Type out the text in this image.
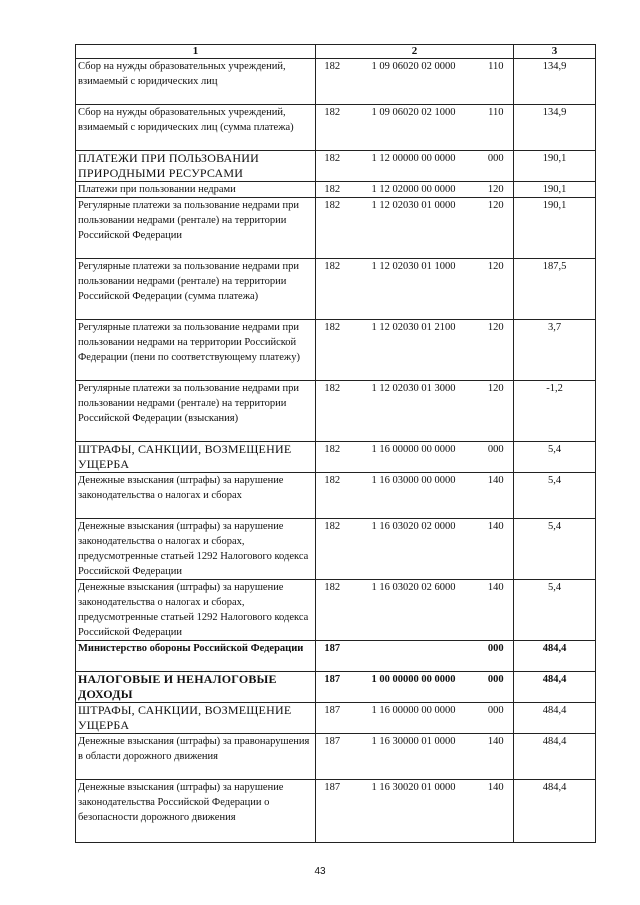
1	2			3
Сбор на нужды образовательных учреждений, взимаемый с юридических лиц	182	1 09 06020 02 0000	110	134,9
Сбор на нужды образовательных учреждений, взимаемый с юридических лиц (сумма платежа)	182	1 09 06020 02 1000	110	134,9
ПЛАТЕЖИ ПРИ ПОЛЬЗОВАНИИ ПРИРОДНЫМИ РЕСУРСАМИ	182	1 12 00000 00 0000	000	190,1
Платежи при пользовании недрами	182	1 12 02000 00 0000	120	190,1
Регулярные платежи за пользование недрами при пользовании недрами (рентале) на территории Российской Федерации	182	1 12 02030 01 0000	120	190,1
Регулярные платежи за пользование недрами при пользовании недрами (рентале) на территории Российской Федерации (сумма платежа)	182	1 12 02030 01 1000	120	187,5
Регулярные платежи за пользование недрами при пользовании недрами на территории Российской Федерации (пени по соответствующему платежу)	182	1 12 02030 01 2100	120	3,7
Регулярные платежи за пользование недрами при пользовании недрами (рентале) на территории Российской Федерации (взыскания)	182	1 12 02030 01 3000	120	-1,2
ШТРАФЫ, САНКЦИИ, ВОЗМЕЩЕНИЕ УЩЕРБА	182	1 16 00000 00 0000	000	5,4
Денежные взыскания (штрафы) за нарушение законодательства о налогах и сборах	182	1 16 03000 00 0000	140	5,4
Денежные взыскания (штрафы) за нарушение законодательства о налогах и сборах, предусмотренные статьей 1292 Налогового кодекса Российской Федерации	182	1 16 03020 02 0000	140	5,4
Денежные взыскания (штрафы) за нарушение законодательства о налогах и сборах, предусмотренные статьей 1292 Налогового кодекса Российской Федерации	182	1 16 03020 02 6000	140	5,4
Министерство обороны Российской Федерации	187		000	484,4
НАЛОГОВЫЕ И НЕНАЛОГОВЫЕ ДОХОДЫ	187	1 00 00000 00 0000	000	484,4
ШТРАФЫ, САНКЦИИ, ВОЗМЕЩЕНИЕ УЩЕРБА	187	1 16 00000 00 0000	000	484,4
Денежные взыскания (штрафы) за правонарушения в области дорожного движения	187	1 16 30000 01 0000	140	484,4
Денежные взыскания (штрафы) за нарушение законодательства Российской Федерации о безопасности дорожного движения	187	1 16 30020 01 0000	140	484,4
43
